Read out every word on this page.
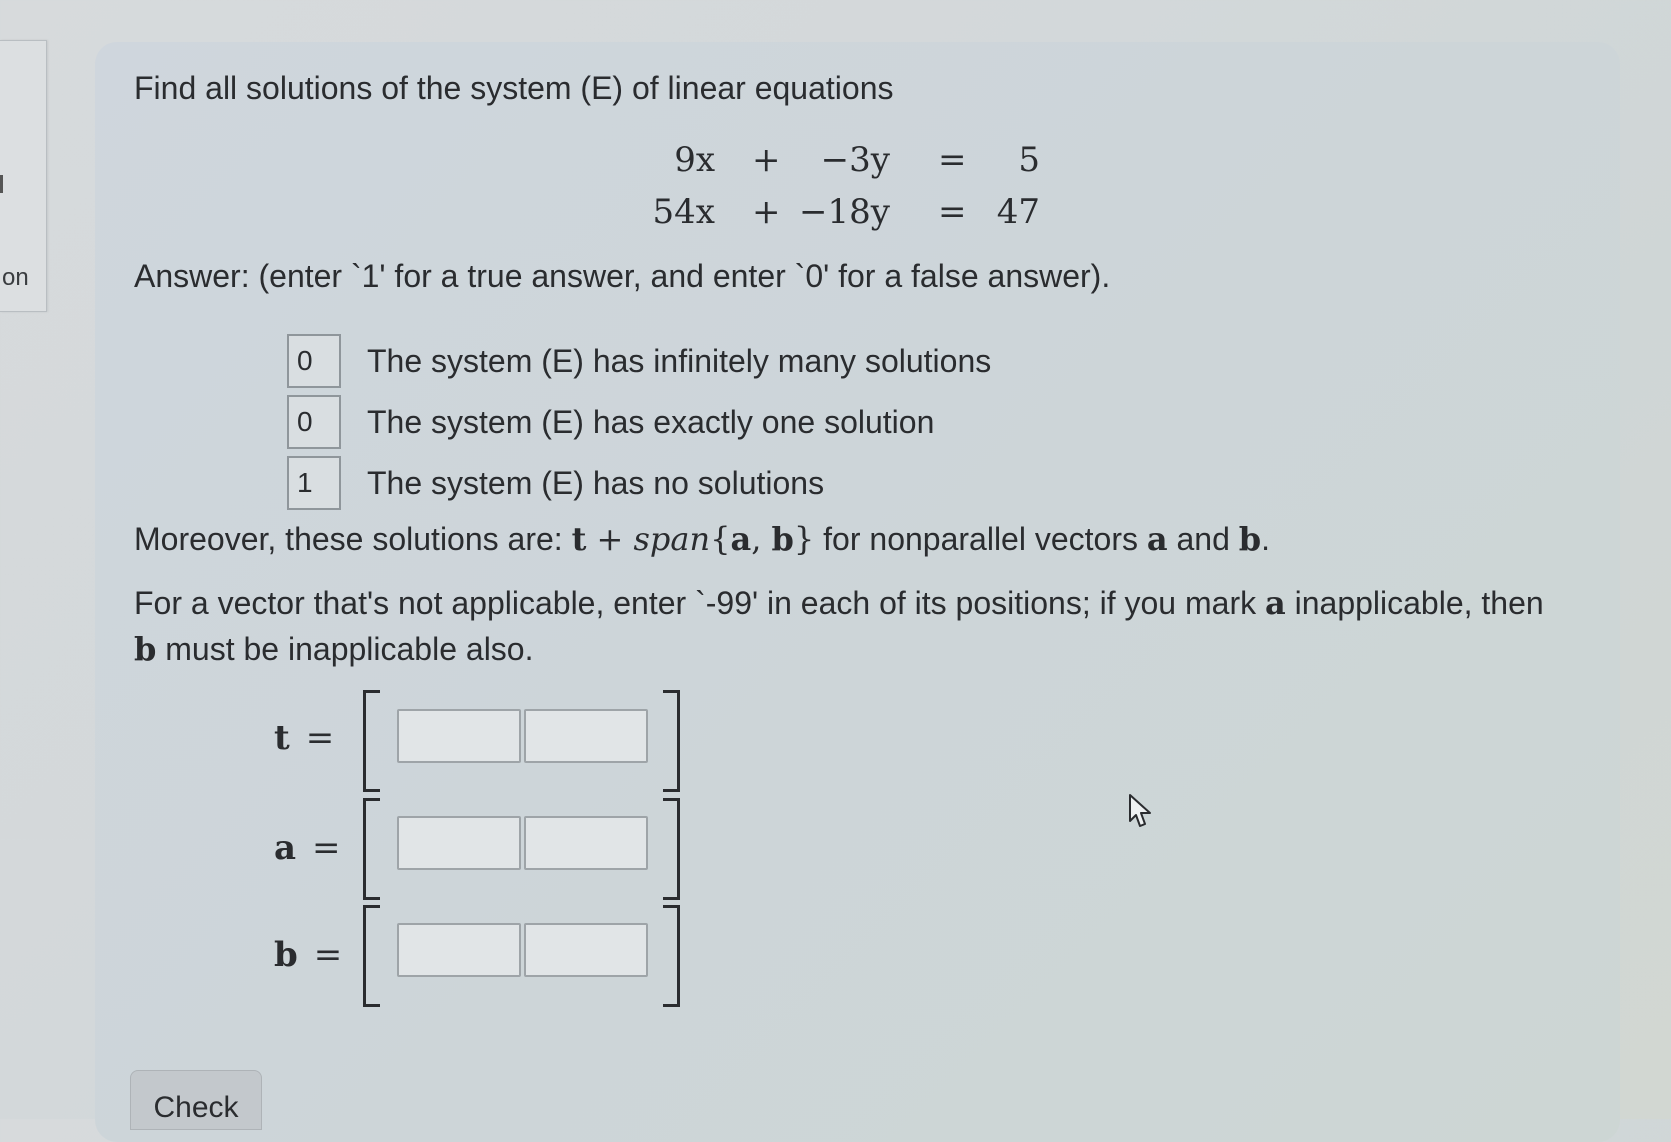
on
Find all solutions of the system (E) of linear equations
9x + −3y = 5
54x + −18y = 47
Answer: (enter `1' for a true answer, and enter `0' for a false answer).
0	The system (E) has infinitely many solutions
0	The system (E) has exactly one solution
1	The system (E) has no solutions
Moreover, these solutions are: t + span{a, b} for nonparallel vectors a and b.
For a vector that's not applicable, enter `-99' in each of its positions; if you mark a inapplicable, then b must be inapplicable also.
t =
a =
b =
Check
